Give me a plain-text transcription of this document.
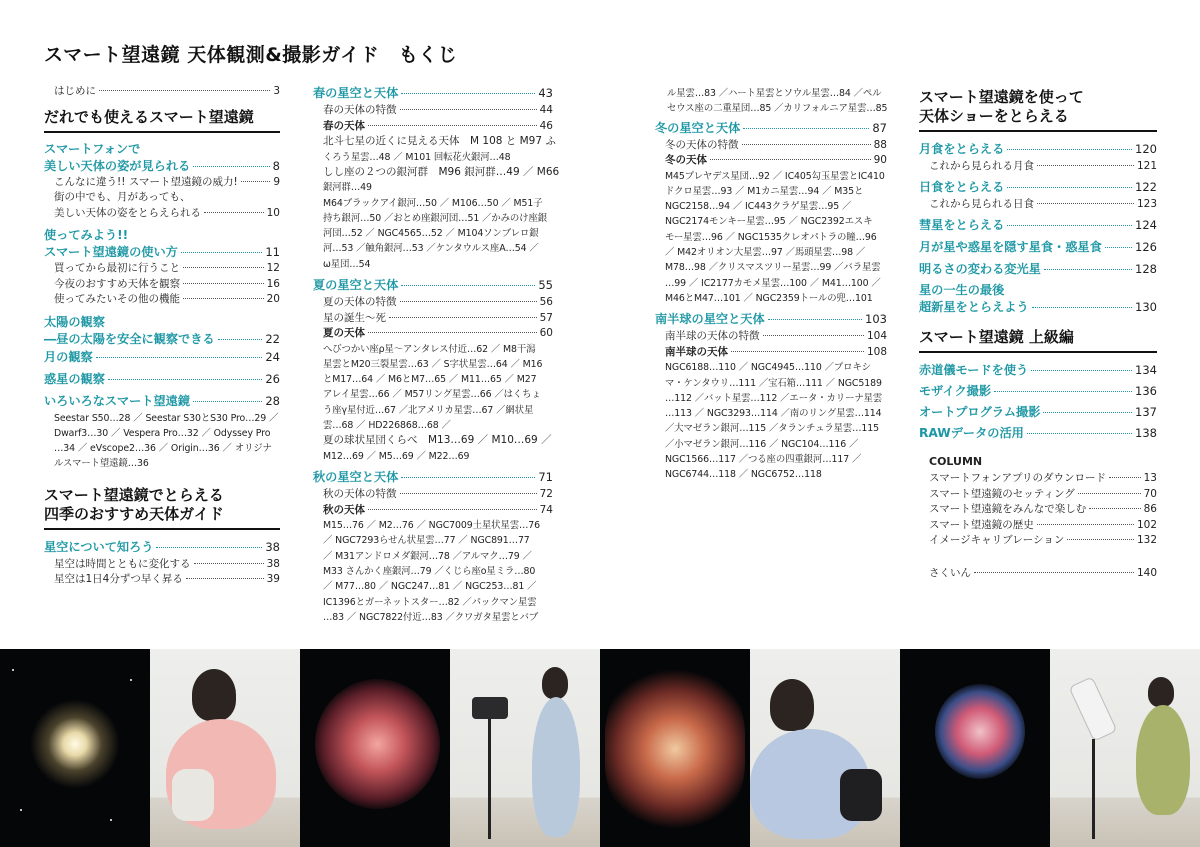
スマート望遠鏡 天体観測&撮影ガイド　もくじ
はじめに	3
だれでも使えるスマート望遠鏡
スマートフォンで
美しい天体の姿が見られる	8
こんなに違う!! スマート望遠鏡の威力!	9
街の中でも、月があっても、
美しい天体の姿をとらえられる	10
使ってみよう!!
スマート望遠鏡の使い方	11
買ってから最初に行うこと	12
今夜のおすすめ天体を観察	16
使ってみたいその他の機能	20
太陽の観察
―昼の太陽を安全に観察できる	22
月の観察	24
惑星の観察	26
いろいろなスマート望遠鏡	28
Seestar S50…28 ／ Seestar S30とS30 Pro…29 ／
Dwarf3…30 ／ Vespera Pro…32 ／ Odyssey Pro
…34 ／ eVscope2…36 ／ Origin…36 ／ オリジナ
ルスマート望遠鏡…36
スマート望遠鏡でとらえる
四季のおすすめ天体ガイド
星空について知ろう	38
星空は時間とともに変化する	38
星空は1日4分ずつ早く昇る	39
春の星空と天体	43
春の天体の特徴	44
春の天体	46
北斗七星の近くに見える天体　M 108 と M97 ふ
くろう星雲…48 ／ M101 回転花火銀河…48
しし座の２つの銀河群　M96 銀河群…49 ／ M66
銀河群…49
M64ブラックアイ銀河…50 ／ M106…50 ／ M51子
持ち銀河…50 ／おとめ座銀河団…51 ／かみのけ座銀
河団…52 ／ NGC4565…52 ／ M104ソンブレロ銀
河…53 ／触角銀河…53 ／ケンタウルス座A…54 ／
ω星団…54
夏の星空と天体	55
夏の天体の特徴	56
星の誕生～死	57
夏の天体	60
へびつかい座ρ星～アンタレス付近…62 ／ M8干潟
星雲とM20三裂星雲…63 ／ S字状星雲…64 ／ M16
とM17…64 ／ M6とM7…65 ／ M11…65 ／ M27
アレイ星雲…66 ／ M57リング星雲…66 ／はくちょ
う座γ星付近…67 ／北アメリカ星雲…67 ／網状星
雲…68 ／ HD226868…68 ／
夏の球状星団くらべ　M13…69 ／ M10…69 ／
M12…69 ／ M5…69 ／ M22…69
秋の星空と天体	71
秋の天体の特徴	72
秋の天体	74
M15…76 ／ M2…76 ／ NGC7009土星状星雲…76
／ NGC7293らせん状星雲…77 ／ NGC891…77
／ M31アンドロメダ銀河…78 ／アルマク…79 ／
M33 さんかく座銀河…79 ／くじら座ο星ミラ…80
／ M77…80 ／ NGC247…81 ／ NGC253…81 ／
IC1396とガーネットスター…82 ／パックマン星雲
…83 ／ NGC7822付近…83 ／クワガタ星雲とバブ
ル星雲…83 ／ハート星雲とソウル星雲…84 ／ペル
セウス座の二重星団…85 ／カリフォルニア星雲…85
冬の星空と天体	87
冬の天体の特徴	88
冬の天体	90
M45プレヤデス星団…92 ／ IC405勾玉星雲とIC410
ドクロ星雲…93 ／ M1カニ星雲…94 ／ M35と
NGC2158…94 ／ IC443クラゲ星雲…95 ／
NGC2174モンキー星雲…95 ／ NGC2392エスキ
モー星雲…96 ／ NGC1535クレオパトラの瞳…96
／ M42オリオン大星雲…97 ／馬頭星雲…98 ／
M78…98 ／クリスマスツリー星雲…99 ／バラ星雲
…99 ／ IC2177カモメ星雲…100 ／ M41…100 ／
M46とM47…101 ／ NGC2359トールの兜…101
南半球の星空と天体	103
南半球の天体の特徴	104
南半球の天体	108
NGC6188…110 ／ NGC4945…110 ／プロキシ
マ・ケンタウリ…111 ／宝石箱…111 ／ NGC5189
…112 ／バット星雲…112 ／エータ・カリーナ星雲
…113 ／ NGC3293…114 ／南のリング星雲…114
／大マゼラン銀河…115 ／タランチュラ星雲…115
／小マゼラン銀河…116 ／ NGC104…116 ／
NGC1566…117 ／つる座の四重銀河…117 ／
NGC6744…118 ／ NGC6752…118
スマート望遠鏡を使って
天体ショーをとらえる
月食をとらえる	120
これから見られる月食	121
日食をとらえる	122
これから見られる日食	123
彗星をとらえる	124
月が星や惑星を隠す星食・惑星食	126
明るさの変わる変光星	128
星の一生の最後
超新星をとらえよう	130
スマート望遠鏡 上級編
赤道儀モードを使う	134
モザイク撮影	136
オートプログラム撮影	137
RAWデータの活用	138
COLUMN
スマートフォンアプリのダウンロード	13
スマート望遠鏡のセッティング	70
スマート望遠鏡をみんなで楽しむ	86
スマート望遠鏡の歴史	102
イメージキャリブレーション	132
さくいん	140
